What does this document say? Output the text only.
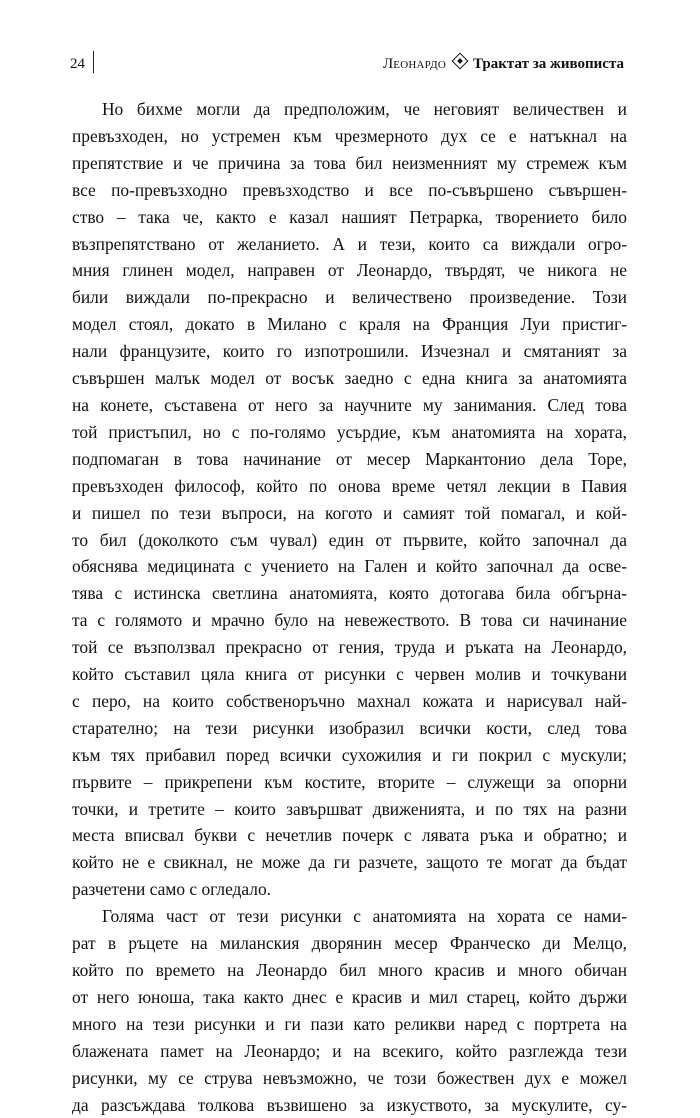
24	Леонардо Трактат за живописта
Но бихме могли да предположим, че неговият величествен и
превъзходен, но устремен към чрезмерното дух се е натъкнал на
препятствие и че причина за това бил неизменният му стремеж към
все по-превъзходно превъзходство и все по-съвършено съвършен-
ство – така че, както е казал нашият Петрарка, творението било
възпрепятствано от желанието. А и тези, които са виждали огро-
мния глинен модел, направен от Леонардо, твърдят, че никога не
били виждали по-прекрасно и величествено произведение. Този
модел стоял, докато в Милано с краля на Франция Луи пристиг-
нали французите, които го изпотрошили. Изчезнал и смятаният за
съвършен малък модел от восък заедно с една книга за анатомията
на конете, съставена от него за научните му занимания. След това
той пристъпил, но с по-голямо усърдие, към анатомията на хората,
подпомаган в това начинание от месер Маркантонио дела Торе,
превъзходен философ, който по онова време четял лекции в Павия
и пишел по тези въпроси, на когото и самият той помагал, и кой-
то бил (доколкото съм чувал) един от първите, който започнал да
обяснява медицината с учението на Гален и който започнал да осве-
тява с истинска светлина анатомията, която дотогава била обгърна-
та с голямото и мрачно було на невежеството. В това си начинание
той се възползвал прекрасно от гения, труда и ръката на Леонардо,
който съставил цяла книга от рисунки с червен молив и точкувани
с перо, на които собственоръчно махнал кожата и нарисувал най-
старателно; на тези рисунки изобразил всички кости, след това
към тях прибавил поред всички сухожилия и ги покрил с мускули;
първите – прикрепени към костите, вторите – служещи за опорни
точки, и третите – които завършват движенията, и по тях на разни
места вписвал букви с нечетлив почерк с лявата ръка и обратно; и
който не е свикнал, не може да ги разчете, защото те могат да бъдат
разчетени само с огледало.
Голяма част от тези рисунки с анатомията на хората се нами-
рат в ръцете на миланския дворянин месер Франческо ди Мелцо,
който по времето на Леонардо бил много красив и много обичан
от него юноша, така както днес е красив и мил старец, който държи
много на тези рисунки и ги пази като реликви наред с портрета на
блажената памет на Леонардо; и на всекиго, който разглежда тези
рисунки, му се струва невъзможно, че този божествен дух е можел
да разсъждава толкова възвишено за изкуството, за мускулите, су-
